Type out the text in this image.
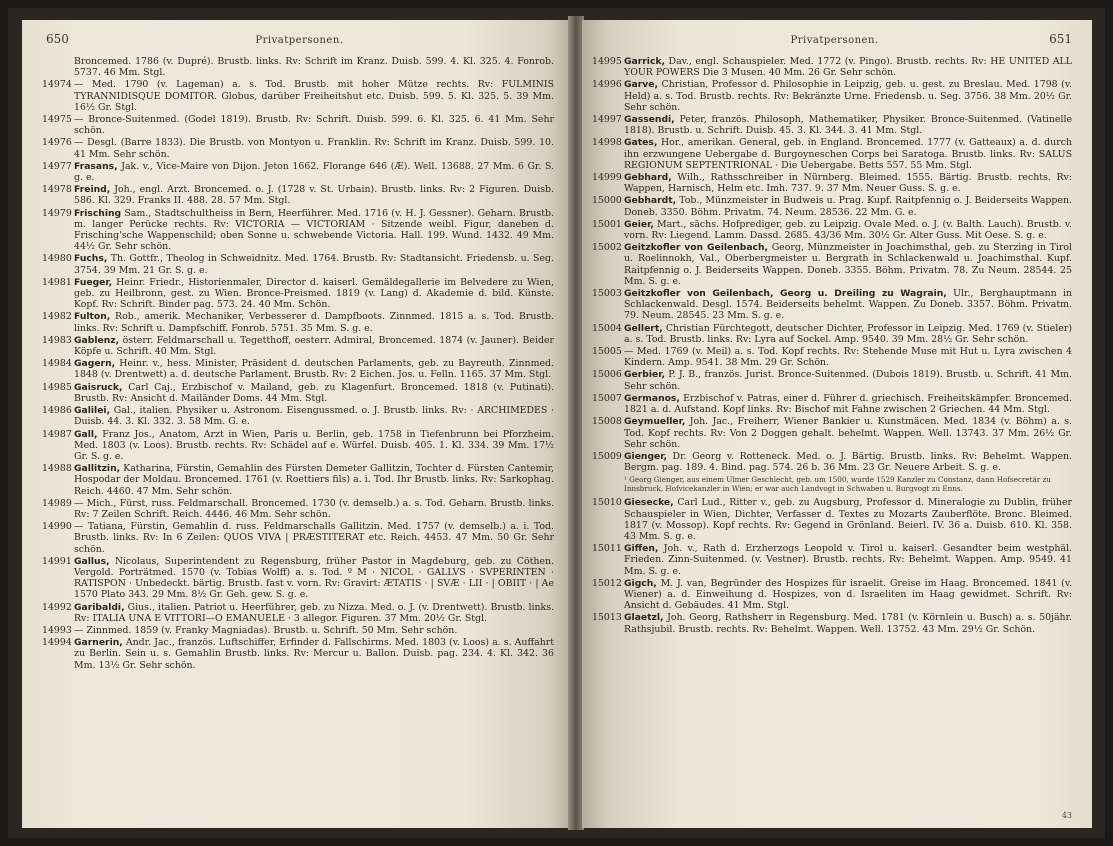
650	Privatpersonen.
Broncemed. 1786 (v. Dupré). Brustb. links. Rv: Schrift im Kranz. Duisb. 599. 4. Kl. 325. 4. Fonrob. 5737. 46 Mm. Stgl.
14974 — Med. 1790 (v. Lageman) a. s. Tod. Brustb. mit hoher Mütze rechts. Rv: FULMINIS TYRANNIDISQUE DOMITOR. Globus, darüber Freiheitshut etc. Duisb. 599. 5. Kl. 325. 5. 39 Mm. 16½ Gr. Stgl.
14975 — Bronce-Suitenmed. (Godel 1819). Brustb. Rv: Schrift. Duisb. 599. 6. Kl. 325. 6. 41 Mm. Sehr schön.
14976 — Desgl. (Barre 1833). Die Brustb. von Montyon u. Franklin. Rv: Schrift im Kranz. Duisb. 599. 10. 41 Mm. Sehr schön.
14977 Frasans, Jak. v., Vice-Maire von Dijon. Jeton 1662. Florange 646 (Æ). Well. 13688. 27 Mm. 6 Gr. S. g. e.
14978 Freind, Joh., engl. Arzt. Broncemed. o. J. (1728 v. St. Urbain). Brustb. links. Rv: 2 Figuren. Duisb. 586. Kl. 329. Franks II. 488. 28. 57 Mm. Stgl.
14979 Frisching Sam., Stadtschultheiss in Bern, Heerführer. Med. 1716 (v. H. J. Gessner). Geharn. Brustb. m. langer Perücke rechts. Rv: VICTORIA — VICTORIAM · Sitzende weibl. Figur, daneben d. Frisching'sche Wappenschild; oben Sonne u. schwebende Victoria. Hall. 199. Wund. 1432. 49 Mm. 44½ Gr. Sehr schön.
14980 Fuchs, Th. Gottfr., Theolog in Schweidnitz. Med. 1764. Brustb. Rv: Stadtansicht. Friedensb. u. Seg. 3754. 39 Mm. 21 Gr. S. g. e.
14981 Fueger, Heinr. Friedr., Historienmaler, Director d. kaiserl. Gemäldegallerie im Belvedere zu Wien, geb. zu Heilbronn, gest. zu Wien. Bronce-Preismed. 1819 (v. Lang) d. Akademie d. bild. Künste. Kopf. Rv: Schrift. Binder pag. 573. 24. 40 Mm. Schön.
14982 Fulton, Rob., amerik. Mechaniker, Verbesserer d. Dampfboots. Zinnmed. 1815 a. s. Tod. Brustb. links. Rv: Schrift u. Dampfschiff. Fonrob. 5751. 35 Mm. S. g. e.
14983 Gablenz, österr. Feldmarschall u. Tegetthoff, oesterr. Admiral, Broncemed. 1874 (v. Jauner). Beider Köpfe u. Schrift. 40 Mm. Stgl.
14984 Gagern, Heinr. v., hess. Minister, Präsident d. deutschen Parlaments, geb. zu Bayreuth. Zinnmed. 1848 (v. Drentwett) a. d. deutsche Parlament. Brustb. Rv: 2 Eichen. Jos. u. Felln. 1165. 37 Mm. Stgl.
14985 Gaisruck, Carl Caj., Erzbischof v. Mailand, geb. zu Klagenfurt. Broncemed. 1818 (v. Putinati). Brustb. Rv: Ansicht d. Mailänder Doms. 44 Mm. Stgl.
14986 Galilei, Gal., italien. Physiker u. Astronom. Eisengussmed. o. J. Brustb. links. Rv: · ARCHIMEDES · Duisb. 44. 3. Kl. 332. 3. 58 Mm. G. e.
14987 Gall, Franz Jos., Anatom, Arzt in Wien, Paris u. Berlin, geb. 1758 in Tiefenbrunn bei Pforzheim. Med. 1803 (v. Loos). Brustb. rechts. Rv: Schädel auf e. Würfel. Duisb. 405. 1. Kl. 334. 39 Mm. 17½ Gr. S. g. e.
14988 Gallitzin, Katharina, Fürstin, Gemahlin des Fürsten Demeter Gallitzin, Tochter d. Fürsten Cantemir, Hospodar der Moldau. Broncemed. 1761 (v. Roettiers fils) a. i. Tod. Ihr Brustb. links. Rv: Sarkophag. Reich. 4460. 47 Mm. Sehr schön.
14989 — Mich., Fürst, russ. Feldmarschall. Broncemed. 1730 (v. demselb.) a. s. Tod. Geharn. Brustb. links. Rv: 7 Zeilen Schrift. Reich. 4446. 46 Mm. Sehr schön.
14990 — Tatiana, Fürstin, Gemahlin d. russ. Feldmarschalls Gallitzin. Med. 1757 (v. demselb.) a. i. Tod. Brustb. links. Rv: In 6 Zeilen: QUOS VIVA | PRÆSTITERAT etc. Reich. 4453. 47 Mm. 50 Gr. Sehr schön.
14991 Gallus, Nicolaus, Superintendent zu Regensburg, früher Pastor in Magdeburg, geb. zu Cöthen. Vergold. Porträtmed. 1570 (v. Tobias Wolff) a. s. Tod. º M · NICOL · GALLVS · SVPERINTEN · RATISPON · Unbedeckt. bärtig. Brustb. fast v. vorn. Rv: Gravirt: ÆTATIS · | SVÆ · LII · | OBIIT · | Ae 1570 Plato 343. 29 Mm. 8½ Gr. Geh. gew. S. g. e.
14992 Garibaldi, Gius., italien. Patriot u. Heerführer, geb. zu Nizza. Med. o. J. (v. Drentwett). Brustb. links. Rv: ITALIA UNA E VITTORI—O EMANUELE · 3 allegor. Figuren. 37 Mm. 20½ Gr. Stgl.
14993 — Zinnmed. 1859 (v. Franky Magniadas). Brustb. u. Schrift. 50 Mm. Sehr schön.
14994 Garnerin, Andr. Jac., französ. Luftschiffer, Erfinder d. Fallschirms. Med. 1803 (v. Loos) a. s. Auffahrt zu Berlin. Sein u. s. Gemahlin Brustb. links. Rv: Mercur u. Ballon. Duisb. pag. 234. 4. Kl. 342. 36 Mm. 13½ Gr. Sehr schön.
Privatpersonen.	651
14995 Garrick, Dav., engl. Schauspieler. Med. 1772 (v. Pingo). Brustb. rechts. Rv: HE UNITED ALL YOUR POWERS Die 3 Musen. 40 Mm. 26 Gr. Sehr schön.
14996 Garve, Christian, Professor d. Philosophie in Leipzig, geb. u. gest. zu Breslau. Med. 1798 (v. Held) a. s. Tod. Brustb. rechts. Rv: Bekränzte Urne. Friedensb. u. Seg. 3756. 38 Mm. 20½ Gr. Sehr schön.
14997 Gassendi, Peter, französ. Philosoph, Mathematiker, Physiker. Bronce-Suitenmed. (Vatinelle 1818). Brustb. u. Schrift. Duisb. 45. 3. Kl. 344. 3. 41 Mm. Stgl.
14998 Gates, Hor., amerikan. General, geb. in England. Broncemed. 1777 (v. Gatteaux) a. d. durch ihn erzwungene Uebergabe d. Burgoyneschen Corps bei Saratoga. Brustb. links. Rv: SALUS REGIONUM SEPTENTRIONAL · Die Uebergabe. Betts 557. 55 Mm. Stgl.
14999 Gebhard, Wilh., Rathsschreiber in Nürnberg. Bleimed. 1555. Bärtig. Brustb. rechts. Rv: Wappen, Harnisch, Helm etc. Imh. 737. 9. 37 Mm. Neuer Guss. S. g. e.
15000 Gebhardt, Tob., Münzmeister in Budweis u. Prag. Kupf. Raitpfennig o. J. Beiderseits Wappen. Doneb. 3350. Böhm. Privatm. 74. Neum. 28536. 22 Mm. G. e.
15001 Geier, Mart., sächs. Hofprediger, geb. zu Leipzig. Ovale Med. o. J. (v. Balth. Lauch). Brustb. v. vorn. Rv: Liegend. Lamm. Dassd. 2685. 43/36 Mm. 30½ Gr. Alter Guss. Mit Oese. S. g. e.
15002 Geitzkofler von Geilenbach, Georg, Münzmeister in Joachimsthal, geb. zu Sterzing in Tirol u. Roelinnokh, Val., Oberbergmeister u. Bergrath in Schlackenwald u. Joachimsthal. Kupf. Raitpfennig o. J. Beiderseits Wappen. Doneb. 3355. Böhm. Privatm. 78. Zu Neum. 28544. 25 Mm. S. g. e.
15003 Geitzkofler von Geilenbach, Georg u. Dreiling zu Wagrain, Ulr., Berghauptmann in Schlackenwald. Desgl. 1574. Beiderseits behelmt. Wappen. Zu Doneb. 3357. Böhm. Privatm. 79. Neum. 28545. 23 Mm. S. g. e.
15004 Gellert, Christian Fürchtegott, deutscher Dichter, Professor in Leipzig. Med. 1769 (v. Stieler) a. s. Tod. Brustb. links. Rv: Lyra auf Sockel. Amp. 9540. 39 Mm. 28½ Gr. Sehr schön.
15005 — Med. 1769 (v. Meil) a. s. Tod. Kopf rechts. Rv: Stehende Muse mit Hut u. Lyra zwischen 4 Kindern. Amp. 9541. 38 Mm. 29 Gr. Schön.
15006 Gerbier, P. J. B., französ. Jurist. Bronce-Suitenmed. (Dubois 1819). Brustb. u. Schrift. 41 Mm. Sehr schön.
15007 Germanos, Erzbischof v. Patras, einer d. Führer d. griechisch. Freiheitskämpfer. Broncemed. 1821 a. d. Aufstand. Kopf links. Rv: Bischof mit Fahne zwischen 2 Griechen. 44 Mm. Stgl.
15008 Geymueller, Joh. Jac., Freiherr, Wiener Bankier u. Kunstmäcen. Med. 1834 (v. Böhm) a. s. Tod. Kopf rechts. Rv: Von 2 Doggen gehalt. behelmt. Wappen. Well. 13743. 37 Mm. 26½ Gr. Sehr schön.
15009 Gienger, Dr. Georg v. Rotteneck. Med. o. J. Bärtig. Brustb. links. Rv: Behelmt. Wappen. Bergm. pag. 189. 4. Bind. pag. 574. 26 b. 36 Mm. 23 Gr. Neuere Arbeit. S. g. e.
¹ Georg Gienger, aus einem Ulmer Geschlecht, geb. um 1500, wurde 1529 Kanzler zu Constanz, dann Hofsecretär zu Innsbruck, Hofvicekanzler in Wien; er war auch Landvogt in Schwaben u. Burgvogt zu Enns.
15010 Giesecke, Carl Lud., Ritter v., geb. zu Augsburg, Professor d. Mineralogie zu Dublin, früher Schauspieler in Wien, Dichter, Verfasser d. Textes zu Mozarts Zauberflöte. Bronc. Bleimed. 1817 (v. Mossop). Kopf rechts. Rv: Gegend in Grönland. Beierl. IV. 36 a. Duisb. 610. Kl. 358. 43 Mm. S. g. e.
15011 Giffen, Joh. v., Rath d. Erzherzogs Leopold v. Tirol u. kaiserl. Gesandter beim westphäl. Frieden. Zinn-Suitenmed. (v. Vestner). Brustb. rechts. Rv: Behelmt. Wappen. Amp. 9549. 41 Mm. S. g. e.
15012 Gigch, M. J. van, Begründer des Hospizes für israelit. Greise im Haag. Broncemed. 1841 (v. Wiener) a. d. Einweihung d. Hospizes, von d. Israeliten im Haag gewidmet. Schrift. Rv: Ansicht d. Gebäudes. 41 Mm. Stgl.
15013 Glaetzl, Joh. Georg, Rathsherr in Regensburg. Med. 1781 (v. Körnlein u. Busch) a. s. 50jähr. Rathsjubil. Brustb. rechts. Rv: Behelmt. Wappen. Well. 13752. 43 Mm. 29½ Gr. Schön.
43
